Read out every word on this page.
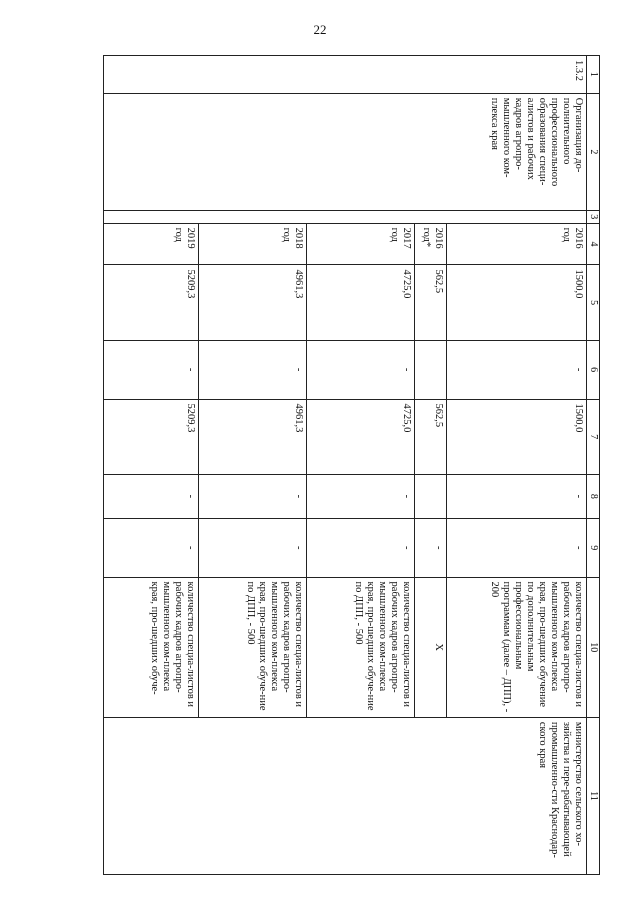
22
1	2	3	4	5	6	7	8	9	10	11
1.3.2	Организация до-полнительного профессионального образования специ-алистов и рабочих кадров агропро-мышленного ком-плекса края		2016 год	1500,0	-	1500,0	-	-	количество специа-листов и рабочих кадров агропро-мышленного ком-плекса края, про-шедших обучение по дополнительным профессиональным программам (далее – ДПП), - 200	министерство сельского хо-зяйства и пере-рабатывающей промышленно-сти Краснодар-ского края
			2016 год*	562,5		562,5		-	Х	
			2017 год	4725,0	-	4725,0	-	-	количество специа-листов и рабочих кадров агропро-мышленного ком-плекса края, про-шедших обуче-ние по ДПП, - 500	
			2018 год	4961,3	-	4961,3	-	-	количество специа-листов и рабочих кадров агропро-мышленного ком-плекса края, про-шедших обуче-ние по ДПП, - 500	
			2019 год	5209,3	-	5209,3	-	-	количество специа-листов и рабочих кадров агропро-мышленного ком-плекса края, про-шедших обуче-	
